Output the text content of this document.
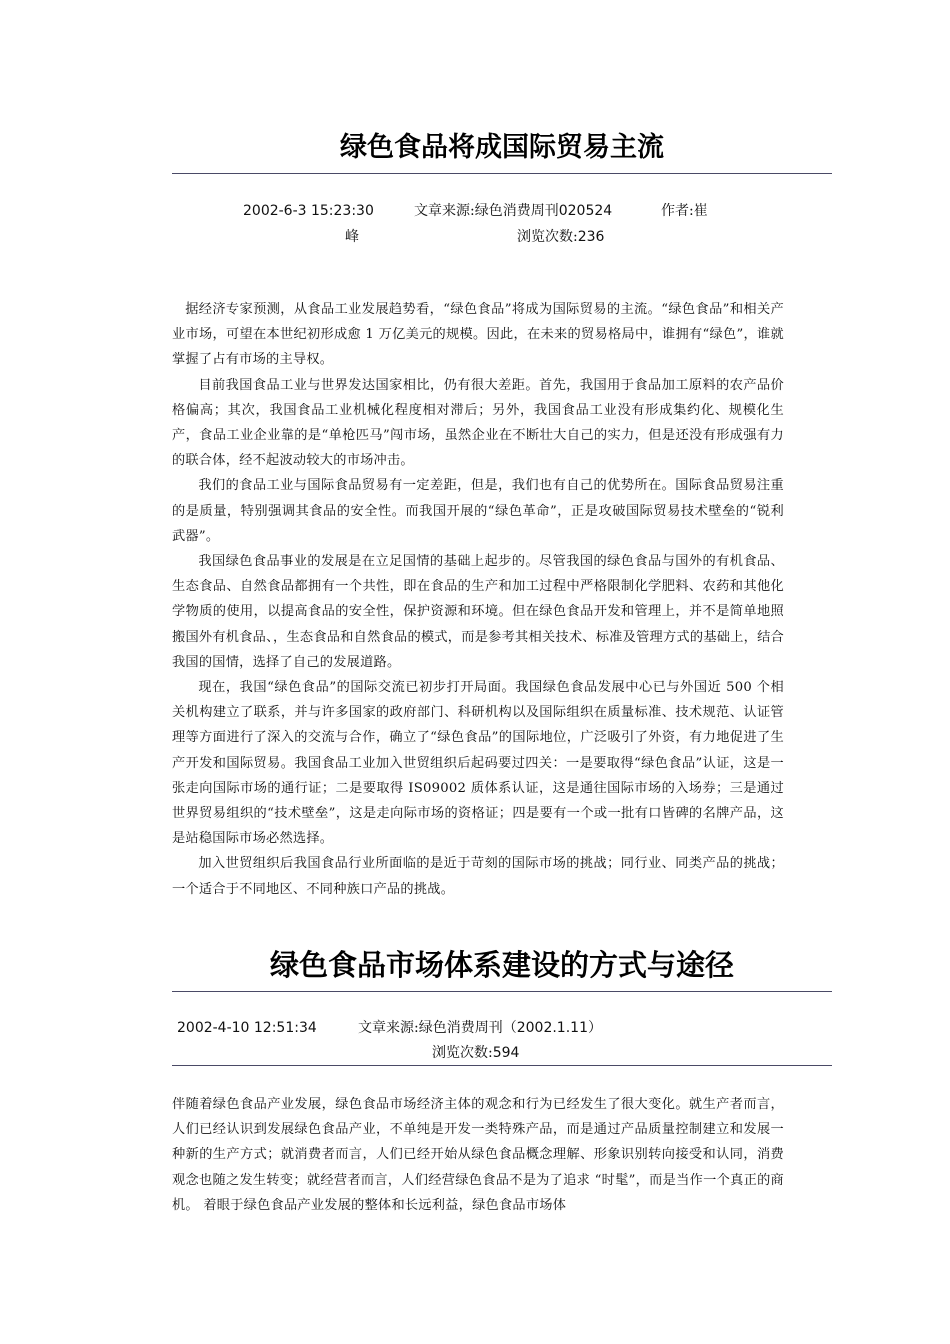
绿色食品将成国际贸易主流
2002-6-3 15:23:30	文章来源:绿色消费周刊020524	作者:崔
峰	浏览次数:236

据经济专家预测，从食品工业发展趋势看，“绿色食品”将成为国际贸易的主流。“绿色食品”和相关产业市场，可望在本世纪初形成愈 1 万亿美元的规模。因此，在未来的贸易格局中，谁拥有“绿色”，谁就掌握了占有市场的主导权。

目前我国食品工业与世界发达国家相比，仍有很大差距。首先，我国用于食品加工原料的农产品价格偏高；其次，我国食品工业机械化程度相对滞后；另外，我国食品工业没有形成集约化、规模化生产，食品工业企业靠的是“单枪匹马”闯市场，虽然企业在不断壮大自己的实力，但是还没有形成强有力的联合体，经不起波动较大的市场冲击。

我们的食品工业与国际食品贸易有一定差距，但是，我们也有自己的优势所在。国际食品贸易注重的是质量，特别强调其食品的安全性。而我国开展的“绿色革命”，正是攻破国际贸易技术壁垒的“锐利武器”。

我国绿色食品事业的发展是在立足国情的基础上起步的。尽管我国的绿色食品与国外的有机食品、生态食品、自然食品都拥有一个共性，即在食品的生产和加工过程中严格限制化学肥料、农药和其他化学物质的使用，以提高食品的安全性，保护资源和环境。但在绿色食品开发和管理上，并不是简单地照搬国外有机食品、，生态食品和自然食品的模式，而是参考其相关技术、标准及管理方式的基础上，结合我国的国情，选择了自己的发展道路。

现在，我国“绿色食品”的国际交流已初步打开局面。我国绿色食品发展中心已与外国近 500 个相关机构建立了联系，并与许多国家的政府部门、科研机构以及国际组织在质量标准、技术规范、认证管理等方面进行了深入的交流与合作，确立了“绿色食品”的国际地位，广泛吸引了外资，有力地促进了生产开发和国际贸易。我国食品工业加入世贸组织后起码要过四关：一是要取得“绿色食品”认证，这是一张走向国际市场的通行证；二是要取得 IS09002 质体系认证，这是通往国际市场的入场券；三是通过世界贸易组织的“技术壁垒”，这是走向际市场的资格证；四是要有一个或一批有口皆碑的名牌产品，这是站稳国际市场必然选择。

加入世贸组织后我国食品行业所面临的是近于苛刻的国际市场的挑战；同行业、同类产品的挑战；一个适合于不同地区、不同种族口产品的挑战。

绿色食品市场体系建设的方式与途径
2002-4-10 12:51:34	文章来源:绿色消费周刊（2002.1.11）
浏览次数:594

伴随着绿色食品产业发展，绿色食品市场经济主体的观念和行为已经发生了很大变化。就生产者而言，人们已经认识到发展绿色食品产业，不单纯是开发一类特殊产品，而是通过产品质量控制建立和发展一种新的生产方式；就消费者而言，人们已经开始从绿色食品概念理解、形象识别转向接受和认同，消费观念也随之发生转变；就经营者而言，人们经营绿色食品不是为了追求 “时髦”，而是当作一个真正的商机。 着眼于绿色食品产业发展的整体和长远利益，绿色食品市场体
